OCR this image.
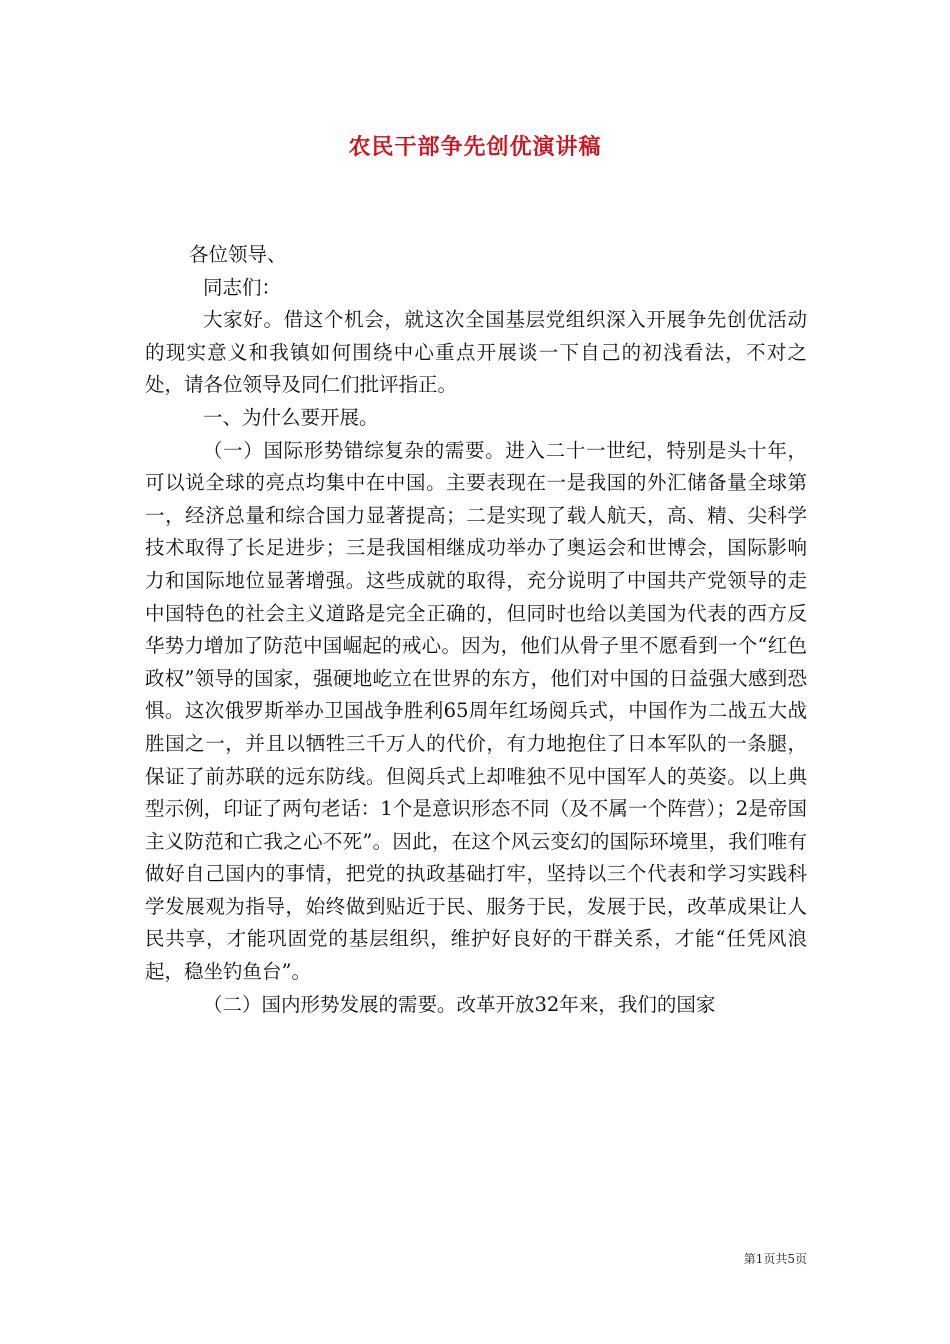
农民干部争先创优演讲稿

各位领导、

同志们：

大家好。借这个机会，就这次全国基层党组织深入开展争先创优活动的现实意义和我镇如何围绕中心重点开展谈一下自己的初浅看法，不对之处，请各位领导及同仁们批评指正。

一、为什么要开展。

（一）国际形势错综复杂的需要。进入二十一世纪，特别是头十年，可以说全球的亮点均集中在中国。主要表现在一是我国的外汇储备量全球第一，经济总量和综合国力显著提高；二是实现了载人航天，高、精、尖科学技术取得了长足进步；三是我国相继成功举办了奥运会和世博会，国际影响力和国际地位显著增强。这些成就的取得，充分说明了中国共产党领导的走中国特色的社会主义道路是完全正确的，但同时也给以美国为代表的西方反华势力增加了防范中国崛起的戒心。因为，他们从骨子里不愿看到一个“红色政权”领导的国家，强硬地屹立在世界的东方，他们对中国的日益强大感到恐惧。这次俄罗斯举办卫国战争胜利65周年红场阅兵式，中国作为二战五大战胜国之一，并且以牺牲三千万人的代价，有力地抱住了日本军队的一条腿，保证了前苏联的远东防线。但阅兵式上却唯独不见中国军人的英姿。以上典型示例，印证了两句老话：1个是意识形态不同（及不属一个阵营）；2是帝国主义防范和亡我之心不死”。因此，在这个风云变幻的国际环境里，我们唯有做好自己国内的事情，把党的执政基础打牢，坚持以三个代表和学习实践科学发展观为指导，始终做到贴近于民、服务于民，发展于民，改革成果让人民共享，才能巩固党的基层组织，维护好良好的干群关系，才能“任凭风浪起，稳坐钓鱼台”。

（二）国内形势发展的需要。改革开放32年来，我们的国家

第1页共5页
